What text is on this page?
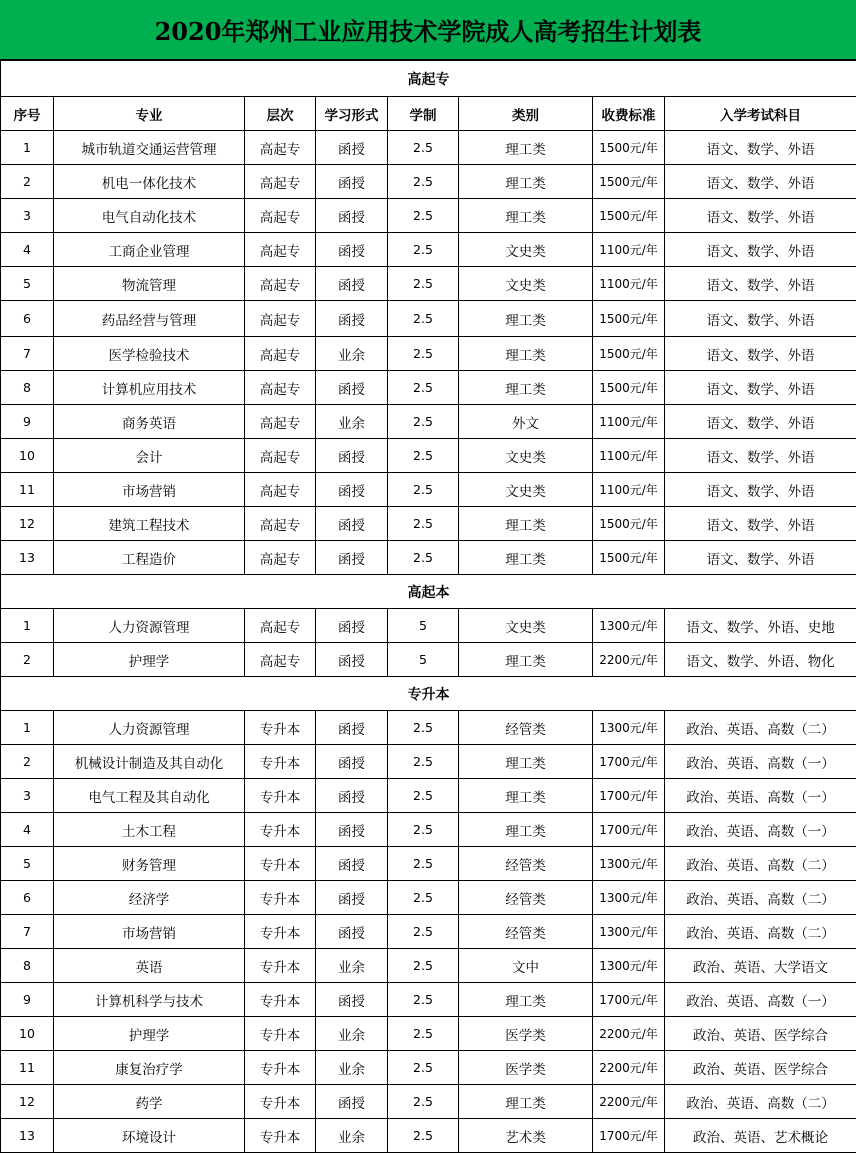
2020年郑州工业应用技术学院成人高考招生计划表
高起专							
序号	专业	层次	学习形式	学制	类别	收费标准	入学考试科目
1	城市轨道交通运营管理	高起专	函授	2.5	理工类	1500元/年	语文、数学、外语
2	机电一体化技术	高起专	函授	2.5	理工类	1500元/年	语文、数学、外语
3	电气自动化技术	高起专	函授	2.5	理工类	1500元/年	语文、数学、外语
4	工商企业管理	高起专	函授	2.5	文史类	1100元/年	语文、数学、外语
5	物流管理	高起专	函授	2.5	文史类	1100元/年	语文、数学、外语
6	药品经营与管理	高起专	函授	2.5	理工类	1500元/年	语文、数学、外语
7	医学检验技术	高起专	业余	2.5	理工类	1500元/年	语文、数学、外语
8	计算机应用技术	高起专	函授	2.5	理工类	1500元/年	语文、数学、外语
9	商务英语	高起专	业余	2.5	外文	1100元/年	语文、数学、外语
10	会计	高起专	函授	2.5	文史类	1100元/年	语文、数学、外语
11	市场营销	高起专	函授	2.5	文史类	1100元/年	语文、数学、外语
12	建筑工程技术	高起专	函授	2.5	理工类	1500元/年	语文、数学、外语
13	工程造价	高起专	函授	2.5	理工类	1500元/年	语文、数学、外语
高起本							
1	人力资源管理	高起专	函授	5	文史类	1300元/年	语文、数学、外语、史地
2	护理学	高起专	函授	5	理工类	2200元/年	语文、数学、外语、物化
专升本							
1	人力资源管理	专升本	函授	2.5	经管类	1300元/年	政治、英语、高数（二）
2	机械设计制造及其自动化	专升本	函授	2.5	理工类	1700元/年	政治、英语、高数（一）
3	电气工程及其自动化	专升本	函授	2.5	理工类	1700元/年	政治、英语、高数（一）
4	土木工程	专升本	函授	2.5	理工类	1700元/年	政治、英语、高数（一）
5	财务管理	专升本	函授	2.5	经管类	1300元/年	政治、英语、高数（二）
6	经济学	专升本	函授	2.5	经管类	1300元/年	政治、英语、高数（二）
7	市场营销	专升本	函授	2.5	经管类	1300元/年	政治、英语、高数（二）
8	英语	专升本	业余	2.5	文中	1300元/年	政治、英语、大学语文
9	计算机科学与技术	专升本	函授	2.5	理工类	1700元/年	政治、英语、高数（一）
10	护理学	专升本	业余	2.5	医学类	2200元/年	政治、英语、医学综合
11	康复治疗学	专升本	业余	2.5	医学类	2200元/年	政治、英语、医学综合
12	药学	专升本	函授	2.5	理工类	2200元/年	政治、英语、高数（二）
13	环境设计	专升本	业余	2.5	艺术类	1700元/年	政治、英语、艺术概论
